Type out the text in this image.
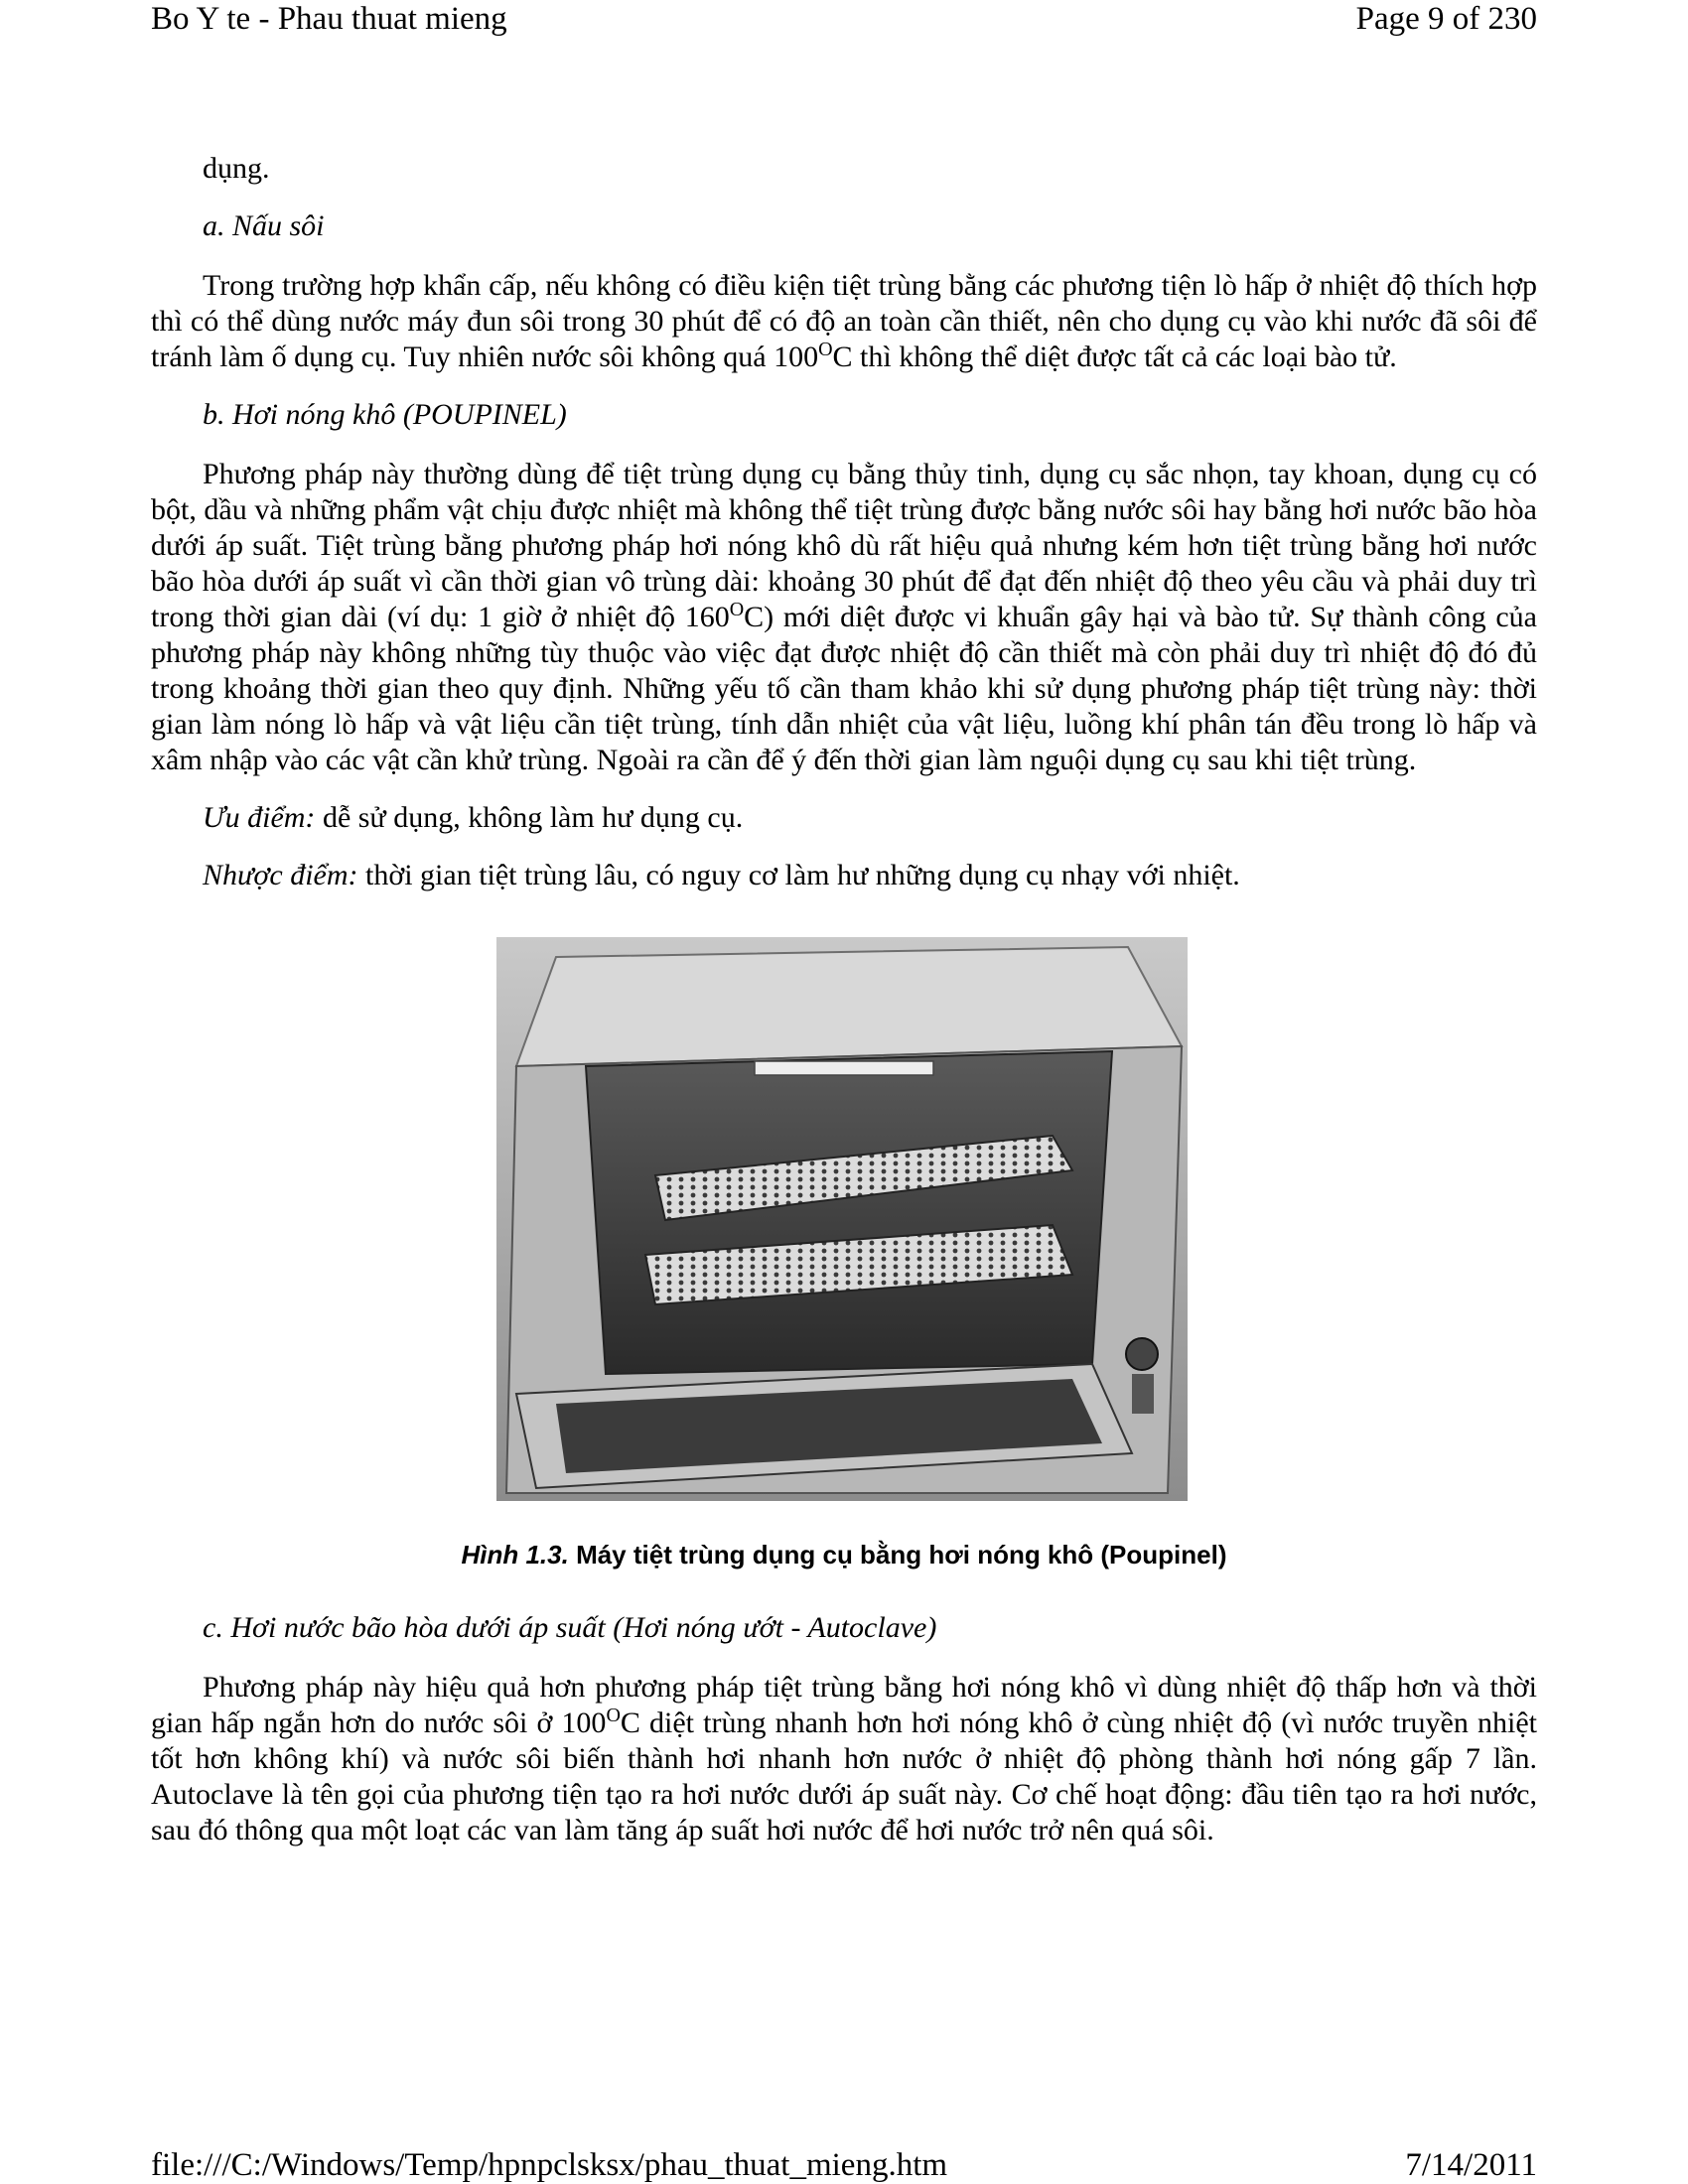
Bo Y te - Phau thuat mieng	Page 9 of 230

dụng.

a. Nấu sôi

Trong trường hợp khẩn cấp, nếu không có điều kiện tiệt trùng bằng các phương tiện lò hấp ở nhiệt độ thích hợp thì có thể dùng nước máy đun sôi trong 30 phút để có độ an toàn cần thiết, nên cho dụng cụ vào khi nước đã sôi để tránh làm ố dụng cụ. Tuy nhiên nước sôi không quá $100^OC$ thì không thể diệt được tất cả các loại bào tử.

b. Hơi nóng khô (POUPINEL)

Phương pháp này thường dùng để tiệt trùng dụng cụ bằng thủy tinh, dụng cụ sắc nhọn, tay khoan, dụng cụ có bột, dầu và những phẩm vật chịu được nhiệt mà không thể tiệt trùng được bằng nước sôi hay bằng hơi nước bão hòa dưới áp suất. Tiệt trùng bằng phương pháp hơi nóng khô dù rất hiệu quả nhưng kém hơn tiệt trùng bằng hơi nước bão hòa dưới áp suất vì cần thời gian vô trùng dài: khoảng 30 phút để đạt đến nhiệt độ theo yêu cầu và phải duy trì trong thời gian dài (ví dụ: 1 giờ ở nhiệt độ $160^OC$) mới diệt được vi khuẩn gây hại và bào tử. Sự thành công của phương pháp này không những tùy thuộc vào việc đạt được nhiệt độ cần thiết mà còn phải duy trì nhiệt độ đó đủ trong khoảng thời gian theo quy định. Những yếu tố cần tham khảo khi sử dụng phương pháp tiệt trùng này: thời gian làm nóng lò hấp và vật liệu cần tiệt trùng, tính dẫn nhiệt của vật liệu, luồng khí phân tán đều trong lò hấp và xâm nhập vào các vật cần khử trùng. Ngoài ra cần để ý đến thời gian làm nguội dụng cụ sau khi tiệt trùng.

Ưu điểm: dễ sử dụng, không làm hư dụng cụ.

Nhược điểm: thời gian tiệt trùng lâu, có nguy cơ làm hư những dụng cụ nhạy với nhiệt.

Hình 1.3. Máy tiệt trùng dụng cụ bằng hơi nóng khô (Poupinel)

c. Hơi nước bão hòa dưới áp suất (Hơi nóng ướt - Autoclave)

Phương pháp này hiệu quả hơn phương pháp tiệt trùng bằng hơi nóng khô vì dùng nhiệt độ thấp hơn và thời gian hấp ngắn hơn do nước sôi ở $100^OC$ diệt trùng nhanh hơn hơi nóng khô ở cùng nhiệt độ (vì nước truyền nhiệt tốt hơn không khí) và nước sôi biến thành hơi nhanh hơn nước ở nhiệt độ phòng thành hơi nóng gấp 7 lần. Autoclave là tên gọi của phương tiện tạo ra hơi nước dưới áp suất này. Cơ chế hoạt động: đầu tiên tạo ra hơi nước, sau đó thông qua một loạt các van làm tăng áp suất hơi nước để hơi nước trở nên quá sôi.

file:///C:/Windows/Temp/hpnpclsksx/phau_thuat_mieng.htm	7/14/2011
